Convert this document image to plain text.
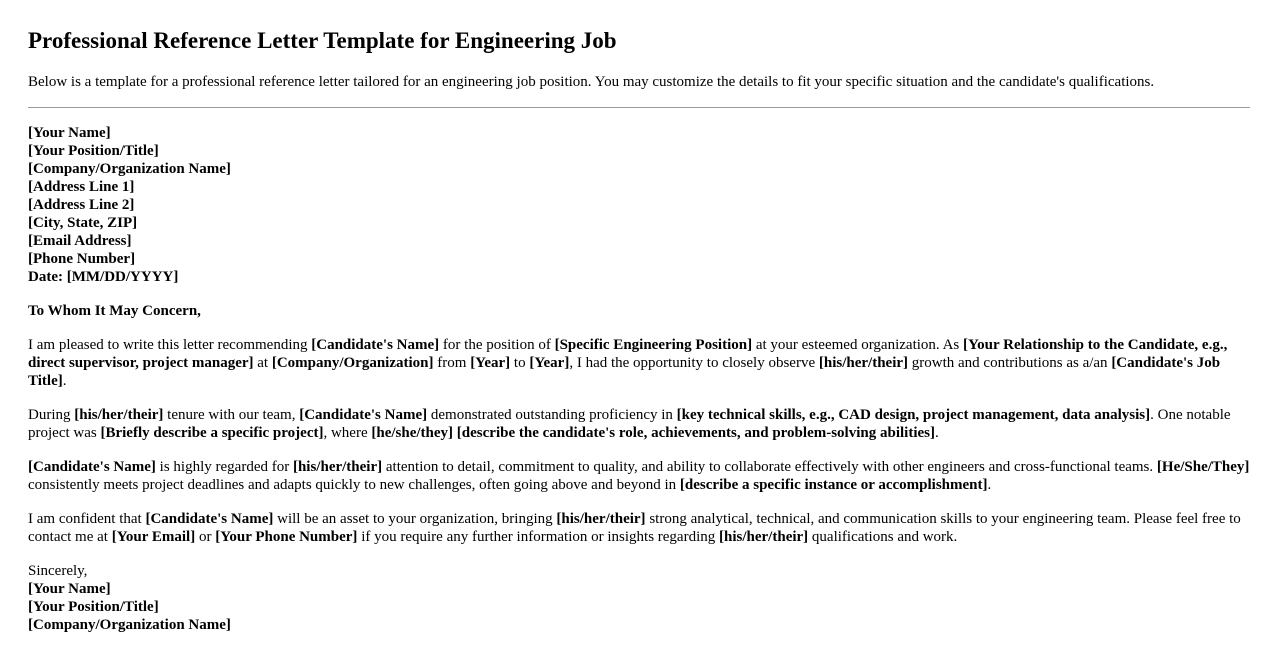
Professional Reference Letter Template for Engineering Job
Below is a template for a professional reference letter tailored for an engineering job position. You may customize the details to fit your specific situation and the candidate's qualifications.
[Your Name]
[Your Position/Title]
[Company/Organization Name]
[Address Line 1]
[Address Line 2]
[City, State, ZIP]
[Email Address]
[Phone Number]
Date: [MM/DD/YYYY]
To Whom It May Concern,

I am pleased to write this letter recommending [Candidate's Name] for the position of [Specific Engineering Position] at your esteemed organization. As [Your Relationship to the Candidate, e.g., direct supervisor, project manager] at [Company/Organization] from [Year] to [Year], I had the opportunity to closely observe [his/her/their] growth and contributions as a/an [Candidate's Job Title].

During [his/her/their] tenure with our team, [Candidate's Name] demonstrated outstanding proficiency in [key technical skills, e.g., CAD design, project management, data analysis]. One notable project was [Briefly describe a specific project], where [he/she/they] [describe the candidate's role, achievements, and problem-solving abilities].

[Candidate's Name] is highly regarded for [his/her/their] attention to detail, commitment to quality, and ability to collaborate effectively with other engineers and cross-functional teams. [He/She/They] consistently meets project deadlines and adapts quickly to new challenges, often going above and beyond in [describe a specific instance or accomplishment].

I am confident that [Candidate's Name] will be an asset to your organization, bringing [his/her/their] strong analytical, technical, and communication skills to your engineering team. Please feel free to contact me at [Your Email] or [Your Phone Number] if you require any further information or insights regarding [his/her/their] qualifications and work.

Sincerely,
[Your Name]
[Your Position/Title]
[Company/Organization Name]
